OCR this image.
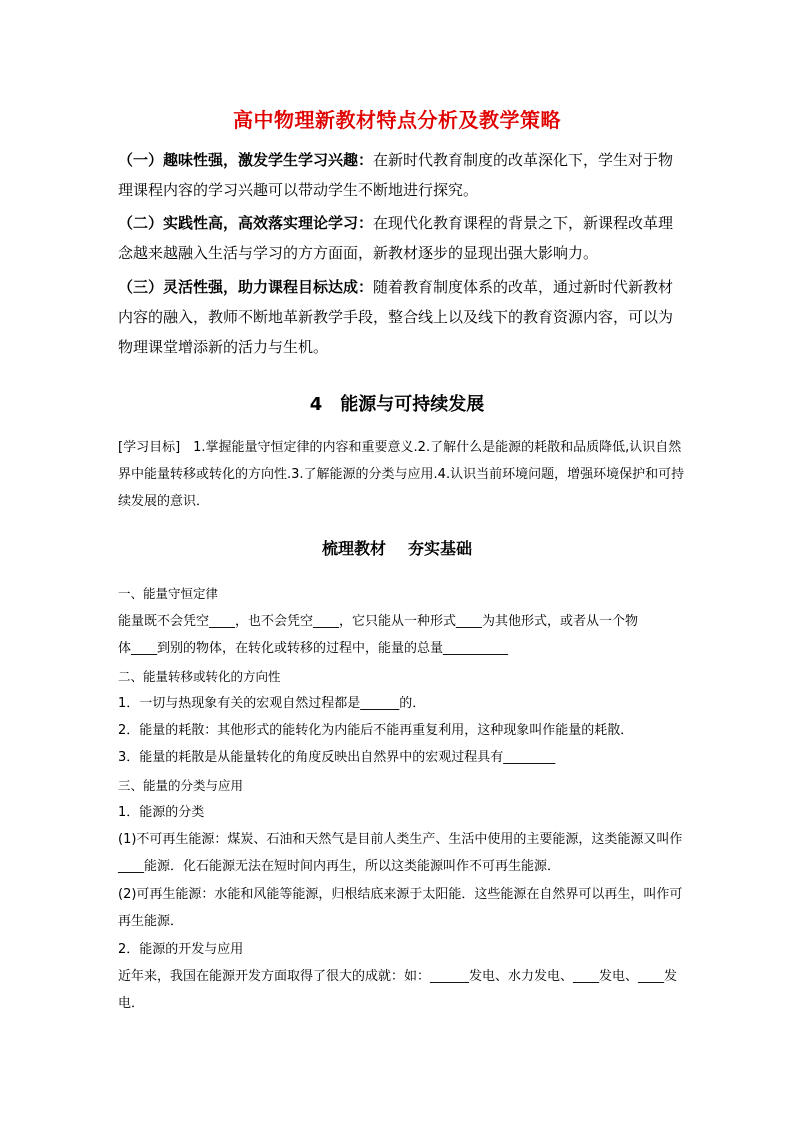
高中物理新教材特点分析及教学策略
（一）趣味性强，激发学生学习兴趣：在新时代教育制度的改革深化下，学生对于物理课程内容的学习兴趣可以带动学生不断地进行探究。
（二）实践性高，高效落实理论学习：在现代化教育课程的背景之下，新课程改革理念越来越融入生活与学习的方方面面，新教材逐步的显现出强大影响力。
（三）灵活性强，助力课程目标达成：随着教育制度体系的改革，通过新时代新教材内容的融入，教师不断地革新教学手段，整合线上以及线下的教育资源内容，可以为物理课堂增添新的活力与生机。
4 能源与可持续发展
[学习目标]　1.掌握能量守恒定律的内容和重要意义.2.了解什么是能源的耗散和品质降低,认识自然界中能量转移或转化的方向性.3.了解能源的分类与应用.4.认识当前环境问题，增强环境保护和可持续发展的意识．
梳理教材 夯实基础
一、能量守恒定律
能量既不会凭空____，也不会凭空____，它只能从一种形式____为其他形式，或者从一个物
体____到别的物体，在转化或转移的过程中，能量的总量__________
二、能量转移或转化的方向性
1．一切与热现象有关的宏观自然过程都是______的．
2．能量的耗散：其他形式的能转化为内能后不能再重复利用，这种现象叫作能量的耗散．
3．能量的耗散是从能量转化的角度反映出自然界中的宏观过程具有________
三、能量的分类与应用
1．能源的分类
(1)不可再生能源：煤炭、石油和天然气是目前人类生产、生活中使用的主要能源，这类能源又叫作____能源．化石能源无法在短时间内再生，所以这类能源叫作不可再生能源．
(2)可再生能源：水能和风能等能源，归根结底来源于太阳能．这些能源在自然界可以再生，叫作可再生能源．
2．能源的开发与应用
近年来，我国在能源开发方面取得了很大的成就：如：______发电、水力发电、____发电、____发电．
